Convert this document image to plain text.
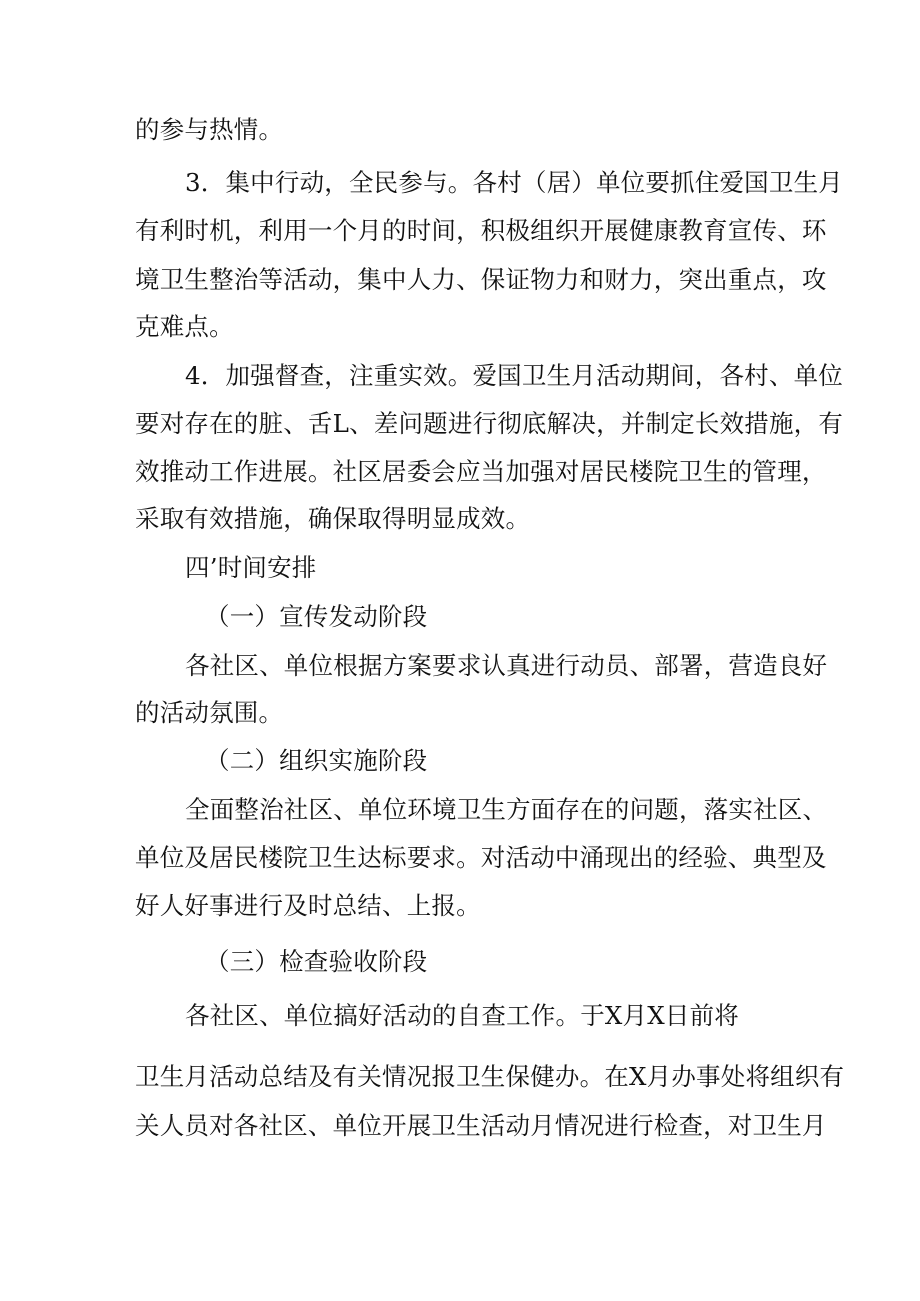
的参与热情。
3．集中行动，全民参与。各村（居）单位要抓住爱国卫生月
有利时机，利用一个月的时间，积极组织开展健康教育宣传、环
境卫生整治等活动，集中人力、保证物力和财力，突出重点，攻
克难点。
4．加强督查，注重实效。爱国卫生月活动期间，各村、单位
要对存在的脏、舌L、差问题进行彻底解决，并制定长效措施，有
效推动工作进展。社区居委会应当加强对居民楼院卫生的管理，
采取有效措施，确保取得明显成效。
四’时间安排
（一）宣传发动阶段
各社区、单位根据方案要求认真进行动员、部署，营造良好
的活动氛围。
（二）组织实施阶段
全面整治社区、单位环境卫生方面存在的问题，落实社区、
单位及居民楼院卫生达标要求。对活动中涌现出的经验、典型及
好人好事进行及时总结、上报。
（三）检查验收阶段
各社区、单位搞好活动的自查工作。于X月X日前将
卫生月活动总结及有关情况报卫生保健办。在X月办事处将组织有
关人员对各社区、单位开展卫生活动月情况进行检查，对卫生月
